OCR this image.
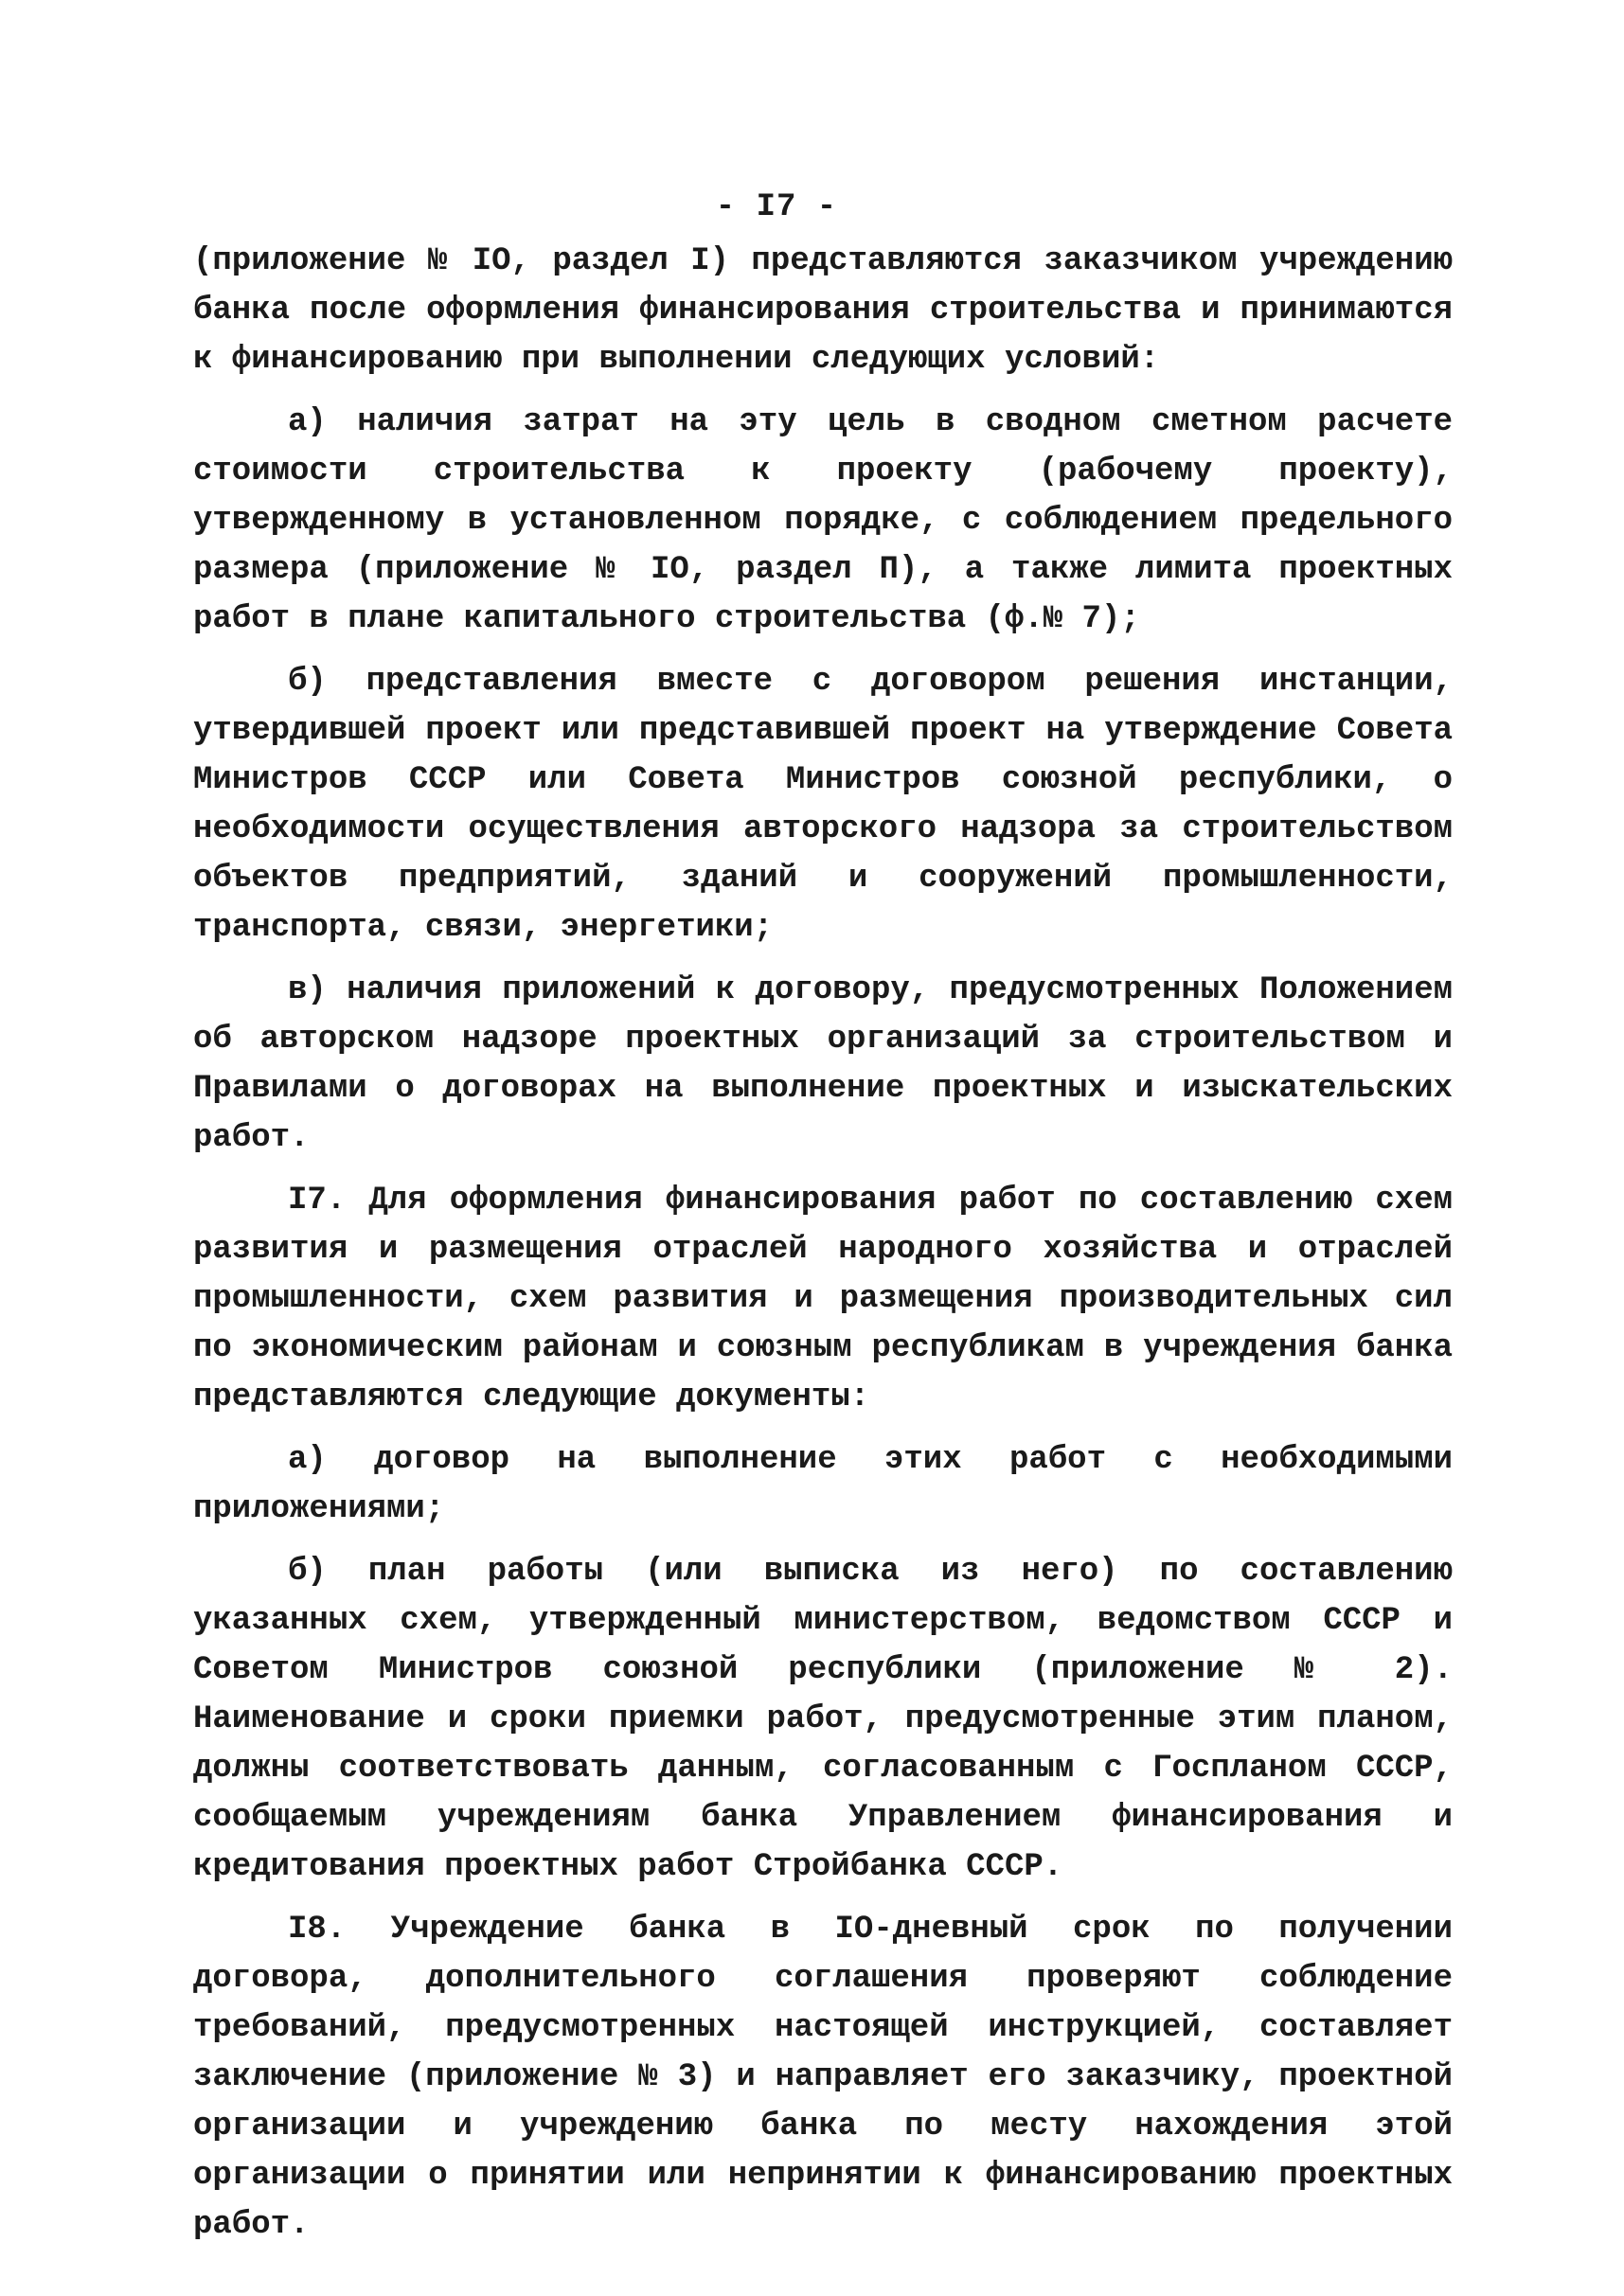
- I7 -

(приложение № IO, раздел I) представляются заказчиком учреждению банка после оформления финансирования строительства и принимаются к финансированию при выполнении следующих условий:

а) наличия затрат на эту цель в сводном сметном расчете стоимости строительства к проекту (рабочему проекту), утвержденному в установленном порядке, с соблюдением предельного размера (приложение № IO, раздел П), а также лимита проектных работ в плане капитального строительства (ф.№ 7);

б) представления вместе с договором решения инстанции, утвердившей проект или представившей проект на утверждение Совета Министров СССР или Совета Министров союзной республики, о необходимости осуществления авторского надзора за строительством объектов предприятий, зданий и сооружений промышленности, транспорта, связи, энергетики;

в) наличия приложений к договору, предусмотренных Положением об авторском надзоре проектных организаций за строительством и Правилами о договорах на выполнение проектных и изыскательских работ.

I7. Для оформления финансирования работ по составлению схем развития и размещения отраслей народного хозяйства и отраслей промышленности, схем развития и размещения производительных сил по экономическим районам и союзным республикам в учреждения банка представляются следующие документы:

а) договор на выполнение этих работ с необходимыми приложениями;

б) план работы (или выписка из него) по составлению указанных схем, утвержденный министерством, ведомством СССР и Советом Министров союзной республики (приложение № 2). Наименование и сроки приемки работ, предусмотренные этим планом, должны соответствовать данным, согласованным с Госпланом СССР, сообщаемым учреждениям банка Управлением финансирования и кредитования проектных работ Стройбанка СССР.

I8. Учреждение банка в IO-дневный срок по получении договора, дополнительного соглашения проверяют соблюдение требований, предусмотренных настоящей инструкцией, составляет заключение (приложение № 3) и направляет его заказчику, проектной организации и учреждению банка по месту нахождения этой организации о принятии или непринятии к финансированию проектных работ.
